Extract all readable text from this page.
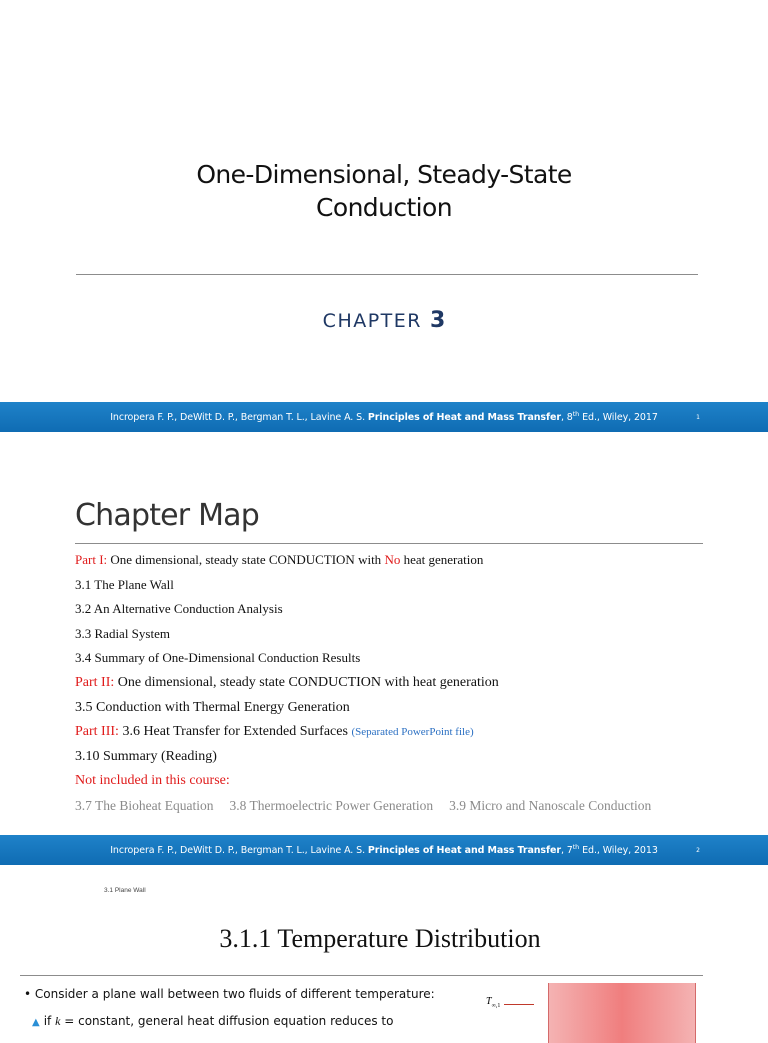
One-Dimensional, Steady-State
Conduction
CHAPTER 3
Incropera F. P., DeWitt D. P., Bergman T. L., Lavine A. S. Principles of Heat and Mass Transfer, 8th Ed., Wiley, 2017	1
Chapter Map
Part I: One dimensional, steady state CONDUCTION with No heat generation
3.1 The Plane Wall
3.2 An Alternative Conduction Analysis
3.3 Radial System
3.4 Summary of One-Dimensional Conduction Results
Part II: One dimensional, steady state CONDUCTION with heat generation
3.5 Conduction with Thermal Energy Generation
Part III: 3.6 Heat Transfer for Extended Surfaces (Separated PowerPoint file)
3.10 Summary (Reading)
Not included in this course:
3.7 The Bioheat Equation 3.8 Thermoelectric Power Generation 3.9 Micro and Nanoscale Conduction
Incropera F. P., DeWitt D. P., Bergman T. L., Lavine A. S. Principles of Heat and Mass Transfer, 7th Ed., Wiley, 2013	2
3.1 Plane Wall
3.1.1 Temperature Distribution
• Consider a plane wall between two fluids of different temperature:
▲ if k = constant, general heat diffusion equation reduces to
$T_{\infty,1}$
